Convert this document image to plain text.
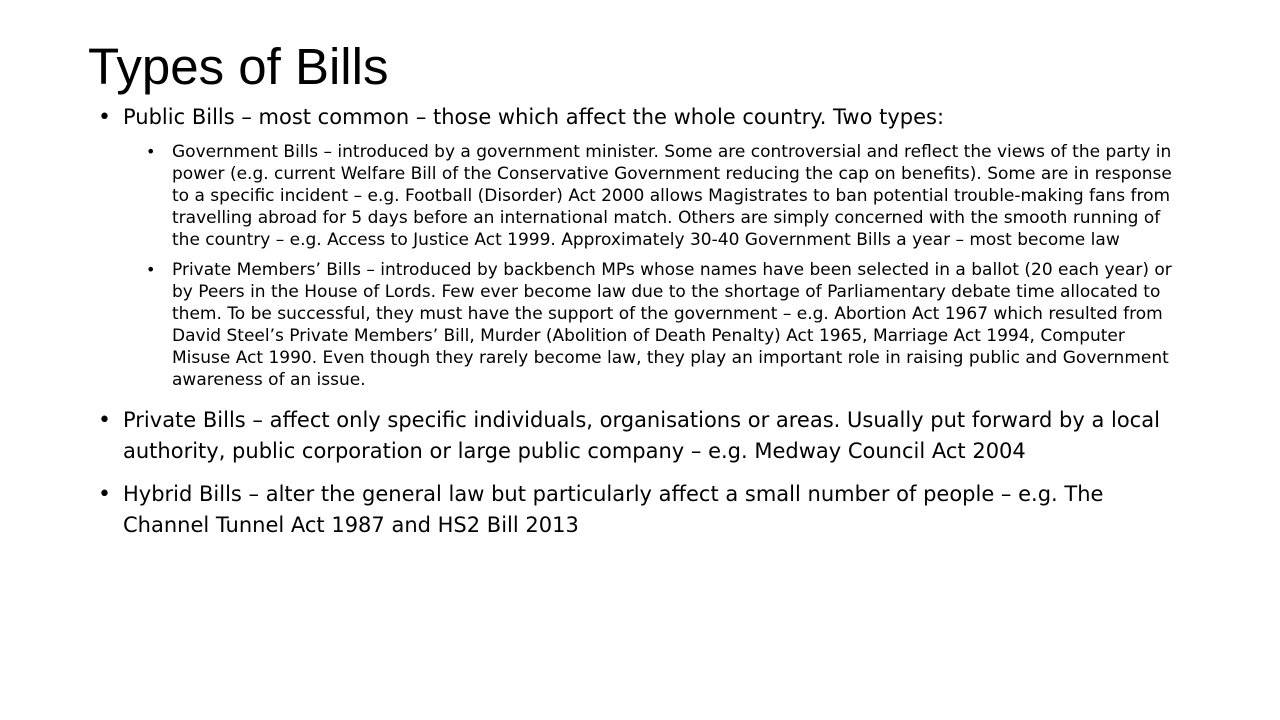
Types of Bills
• Public Bills – most common – those which affect the whole country. Two types:
• Government Bills – introduced by a government minister. Some are controversial and reflect the views of the party in power (e.g. current Welfare Bill of the Conservative Government reducing the cap on benefits). Some are in response to a specific incident – e.g. Football (Disorder) Act 2000 allows Magistrates to ban potential trouble-making fans from travelling abroad for 5 days before an international match. Others are simply concerned with the smooth running of the country – e.g. Access to Justice Act 1999. Approximately 30-40 Government Bills a year – most become law
• Private Members’ Bills – introduced by backbench MPs whose names have been selected in a ballot (20 each year) or by Peers in the House of Lords. Few ever become law due to the shortage of Parliamentary debate time allocated to them. To be successful, they must have the support of the government – e.g. Abortion Act 1967 which resulted from David Steel’s Private Members’ Bill, Murder (Abolition of Death Penalty) Act 1965, Marriage Act 1994, Computer Misuse Act 1990. Even though they rarely become law, they play an important role in raising public and Government awareness of an issue.
• Private Bills – affect only specific individuals, organisations or areas. Usually put forward by a local authority, public corporation or large public company – e.g. Medway Council Act 2004
• Hybrid Bills – alter the general law but particularly affect a small number of people – e.g. The Channel Tunnel Act 1987 and HS2 Bill 2013
